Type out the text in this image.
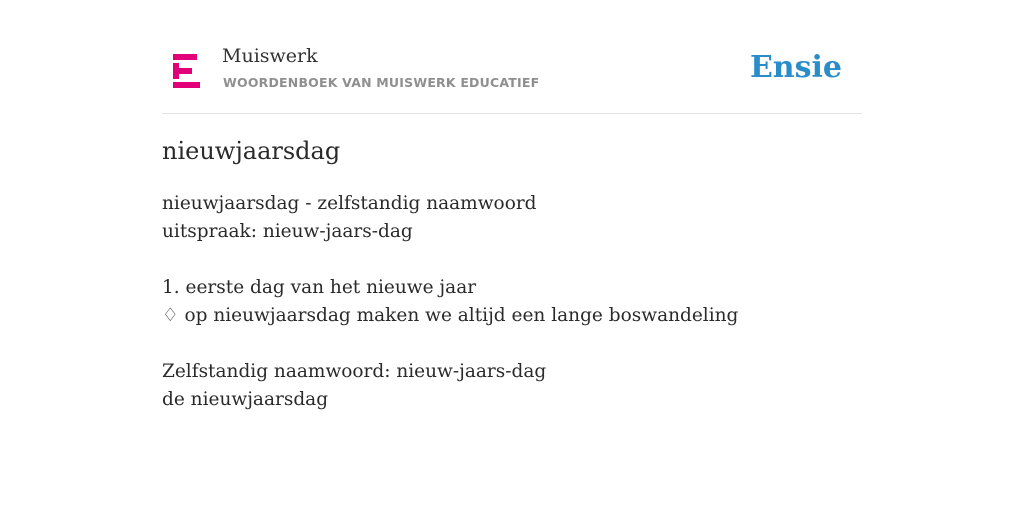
Muiswerk
WOORDENBOEK VAN MUISWERK EDUCATIEF	Ensie
nieuwjaarsdag
nieuwjaarsdag - zelfstandig naamwoord
uitspraak: nieuw-jaars-dag
1. eerste dag van het nieuwe jaar
♢ op nieuwjaarsdag maken we altijd een lange boswandeling
Zelfstandig naamwoord: nieuw-jaars-dag
de nieuwjaarsdag
